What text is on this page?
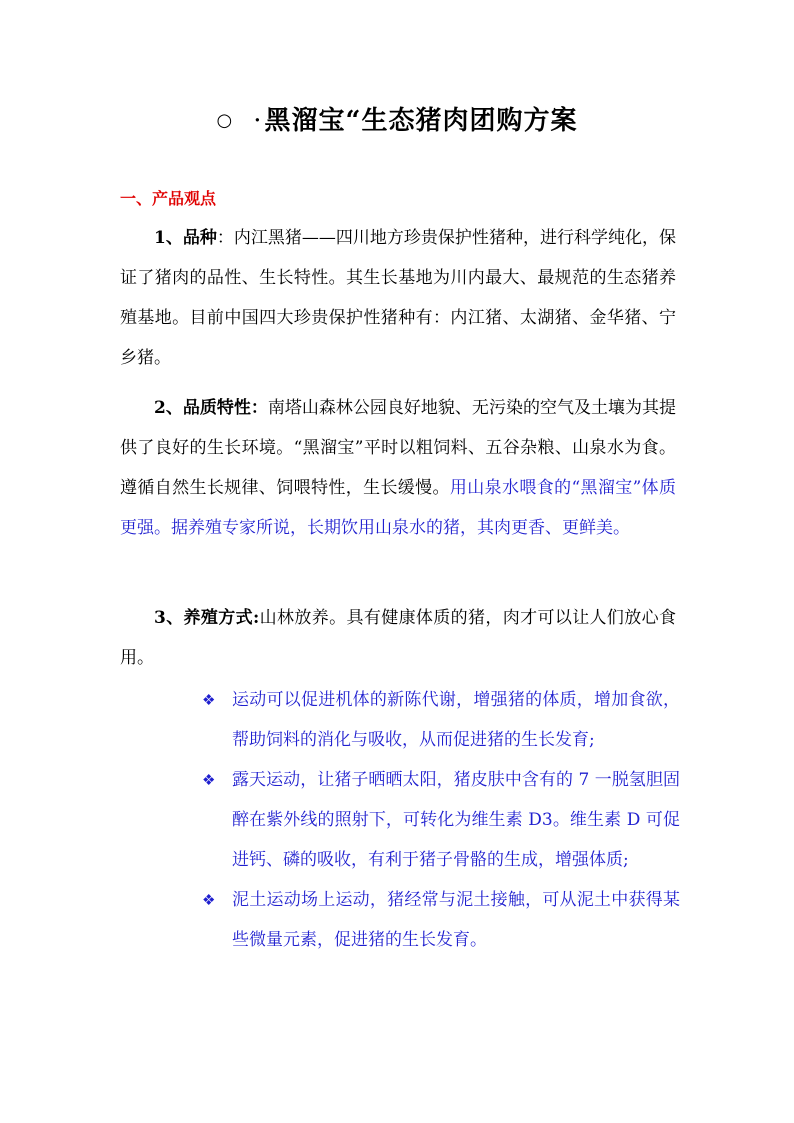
○ ·黑溜宝“生态猪肉团购方案
一、产品观点
1、品种：内江黑猪——四川地方珍贵保护性猪种，进行科学纯化，保证了猪肉的品性、生长特性。其生长基地为川内最大、最规范的生态猪养殖基地。目前中国四大珍贵保护性猪种有：内江猪、太湖猪、金华猪、宁乡猪。
2、品质特性：南塔山森林公园良好地貌、无污染的空气及土壤为其提供了良好的生长环境。“黑溜宝”平时以粗饲料、五谷杂粮、山泉水为食。遵循自然生长规律、饲喂特性，生长缓慢。用山泉水喂食的“黑溜宝”体质更强。据养殖专家所说，长期饮用山泉水的猪，其肉更香、更鲜美。
3、养殖方式:山林放养。具有健康体质的猪，肉才可以让人们放心食用。
❖ 运动可以促进机体的新陈代谢，增强猪的体质，增加食欲，帮助饲料的消化与吸收，从而促进猪的生长发育;
❖ 露天运动，让猪子晒晒太阳，猪皮肤中含有的 7 一脱氢胆固醉在紫外线的照射下，可转化为维生素 D3。维生素 D 可促进钙、磷的吸收，有利于猪子骨骼的生成，增强体质;
❖ 泥土运动场上运动，猪经常与泥土接触，可从泥土中获得某些微量元素，促进猪的生长发育。
